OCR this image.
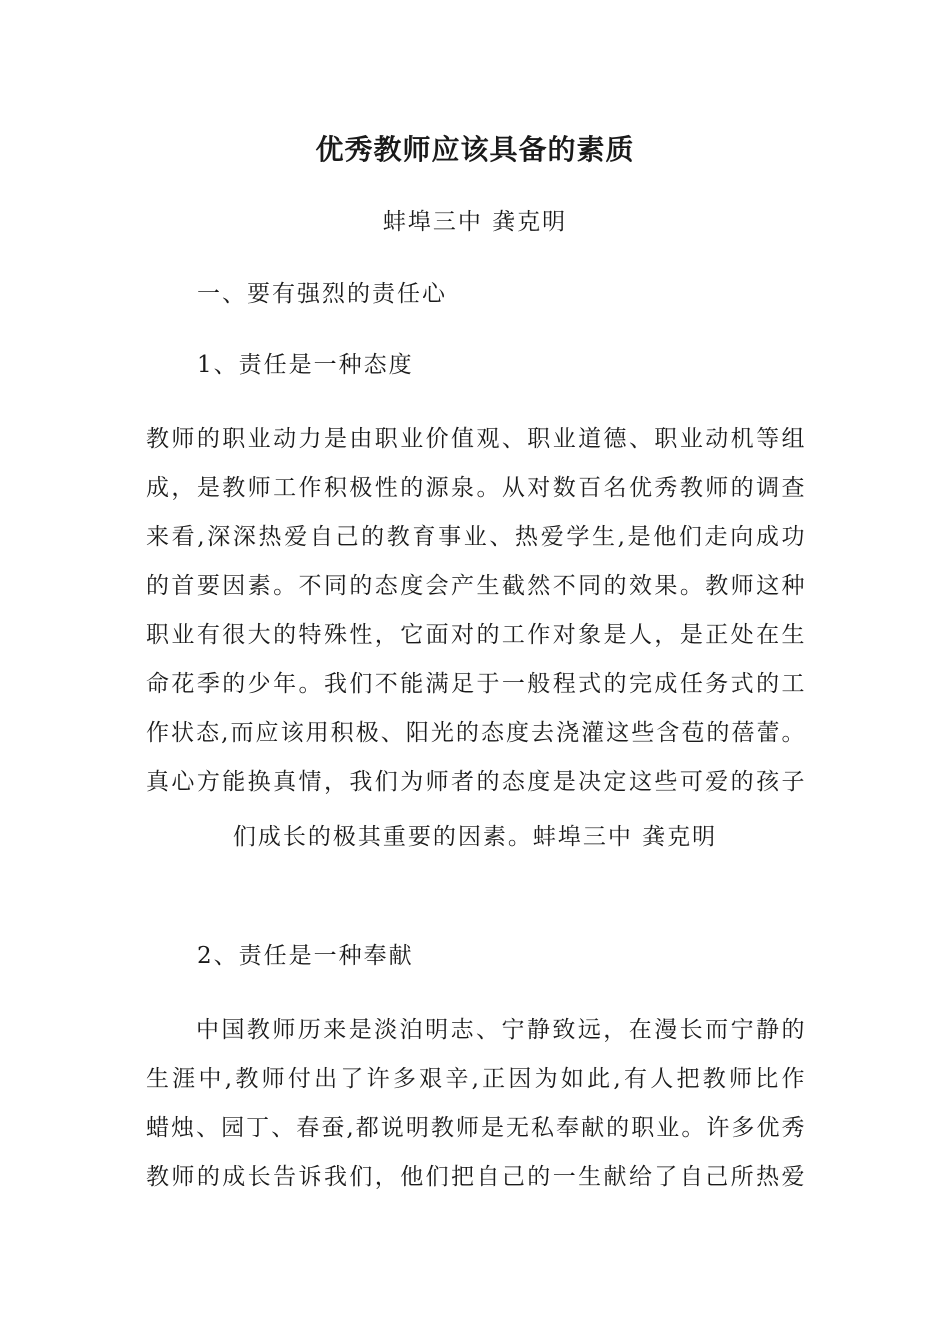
优秀教师应该具备的素质
蚌埠三中 龚克明
一、要有强烈的责任心
1、责任是一种态度
教师的职业动力是由职业价值观、职业道德、职业动机等组
成，是教师工作积极性的源泉。从对数百名优秀教师的调查
来看,深深热爱自己的教育事业、热爱学生,是他们走向成功
的首要因素。不同的态度会产生截然不同的效果。教师这种
职业有很大的特殊性，它面对的工作对象是人，是正处在生
命花季的少年。我们不能满足于一般程式的完成任务式的工
作状态,而应该用积极、阳光的态度去浇灌这些含苞的蓓蕾。
真心方能换真情，我们为师者的态度是决定这些可爱的孩子
们成长的极其重要的因素。蚌埠三中 龚克明
2、责任是一种奉献
中国教师历来是淡泊明志、宁静致远，在漫长而宁静的
生涯中,教师付出了许多艰辛,正因为如此,有人把教师比作
蜡烛、园丁、春蚕,都说明教师是无私奉献的职业。许多优秀
教师的成长告诉我们，他们把自己的一生献给了自己所热爱
